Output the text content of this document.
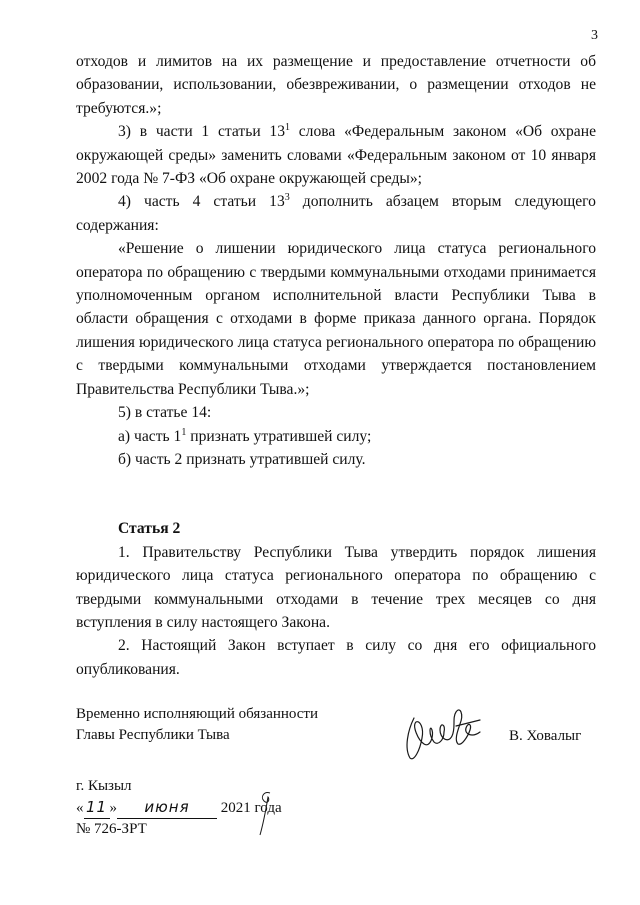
3

отходов и лимитов на их размещение и предоставление отчетности об образовании, использовании, обезвреживании, о размещении отходов не требуются.»;

3) в части 1 статьи $13^1$ слова «Федеральным законом «Об охране окружающей среды» заменить словами «Федеральным законом от 10 января 2002 года № 7-ФЗ «Об охране окружающей среды»;

4) часть 4 статьи $13^3$ дополнить абзацем вторым следующего содержания:

«Решение о лишении юридического лица статуса регионального оператора по обращению с твердыми коммунальными отходами принимается уполномоченным органом исполнительной власти Республики Тыва в области обращения с отходами в форме приказа данного органа. Порядок лишения юридического лица статуса регионального оператора по обращению с твердыми коммунальными отходами утверждается постановлением Правительства Республики Тыва.»;

5) в статье 14:

а) часть $1^1$ признать утратившей силу;

б) часть 2 признать утратившей силу.

Статья 2

1. Правительству Республики Тыва утвердить порядок лишения юридического лица статуса регионального оператора по обращению с твердыми коммунальными отходами в течение трех месяцев со дня вступления в силу настоящего Закона.

2. Настоящий Закон вступает в силу со дня его официального опубликования.

Временно исполняющий обязанности
Главы Республики Тыва	В. Ховалыг
г. Кызыл
« 11 » июня 2021 года
№ 726-ЗРТ
